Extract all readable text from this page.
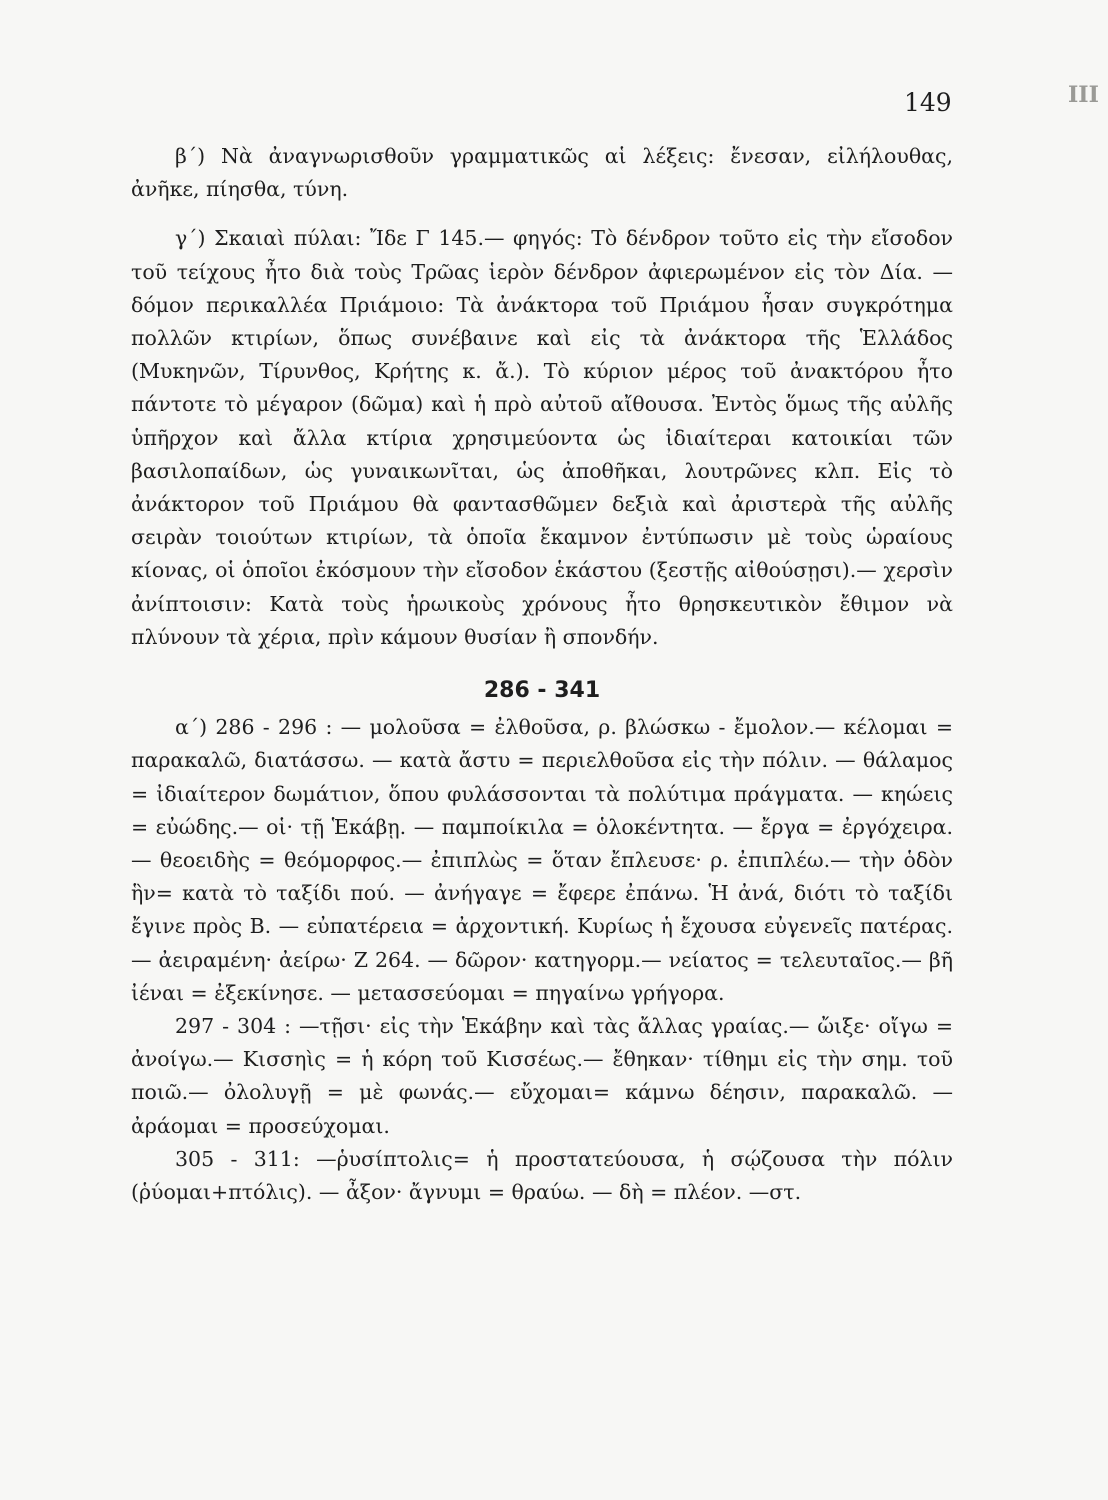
149	ΙΙΙ

β΄) Νὰ ἀναγνωρισθοῦν γραμματικῶς αἱ λέξεις: ἔνεσαν, εἰλήλουθας, ἀνῆκε, πίησθα, τύνη.

γ΄) Σκαιαὶ πύλαι: Ἴδε Γ 145.— φηγός: Τὸ δένδρον τοῦτο εἰς τὴν εἴσοδον τοῦ τείχους ἦτο διὰ τοὺς Τρῶας ἱερὸν δένδρον ἀφιερωμένον εἰς τὸν Δία. — δόμον περικαλλέα Πριάμοιο: Τὰ ἀνάκτορα τοῦ Πριάμου ἦσαν συγκρότημα πολλῶν κτιρίων, ὅπως συνέβαινε καὶ εἰς τὰ ἀνάκτορα τῆς Ἑλλάδος (Μυκηνῶν, Τίρυνθος, Κρήτης κ. ἄ.). Τὸ κύριον μέρος τοῦ ἀνακτόρου ἦτο πάντοτε τὸ μέγαρον (δῶμα) καὶ ἡ πρὸ αὐτοῦ αἴθουσα. Ἐντὸς ὅμως τῆς αὐλῆς ὑπῆρχον καὶ ἄλλα κτίρια χρησιμεύοντα ὡς ἰδιαίτεραι κατοικίαι τῶν βασιλοπαίδων, ὡς γυναικωνῖται, ὡς ἀποθῆκαι, λουτρῶνες κλπ. Εἰς τὸ ἀνάκτορον τοῦ Πριάμου θὰ φαντασθῶμεν δεξιὰ καὶ ἀριστερὰ τῆς αὐλῆς σειρὰν τοιούτων κτιρίων, τὰ ὁποῖα ἔκαμνον ἐντύπωσιν μὲ τοὺς ὡραίους κίονας, οἱ ὁποῖοι ἐκόσμουν τὴν εἴσοδον ἑκάστου (ξεστῇς αἰθούσῃσι).— χερσὶν ἀνίπτοισιν: Κατὰ τοὺς ἡρωικοὺς χρόνους ἦτο θρησκευτικὸν ἔθιμον νὰ πλύνουν τὰ χέρια, πρὶν κάμουν θυσίαν ἢ σπονδήν.

286 - 341

α΄) 286 - 296 : — μολοῦσα = ἐλθοῦσα, ρ. βλώσκω - ἔμολον.— κέλομαι = παρακαλῶ, διατάσσω. — κατὰ ἄστυ = περιελθοῦσα εἰς τὴν πόλιν. — θάλαμος = ἰδιαίτερον δωμάτιον, ὅπου φυλάσσονται τὰ πολύτιμα πράγματα. — κηώεις = εὐώδης.— οἱ· τῇ Ἑκάβῃ. — παμποίκιλα = ὁλοκέντητα. — ἔργα = ἐργόχειρα.— θεοειδὴς = θεόμορφος.— ἐπιπλὼς = ὅταν ἔπλευσε· ρ. ἐπιπλέω.— τὴν ὁδὸν ἣν= κατὰ τὸ ταξίδι πού. — ἀνήγαγε = ἔφερε ἐπάνω. Ἡ ἀνά, διότι τὸ ταξίδι ἔγινε πρὸς Β. — εὐπατέρεια = ἀρχοντική. Κυρίως ἡ ἔχουσα εὐγενεῖς πατέρας.— ἀειραμένη· ἀείρω· Ζ 264. — δῶρον· κατηγορμ.— νείατος = τελευταῖος.— βῆ ἰέναι = ἐξεκίνησε. — μετασσεύομαι = πηγαίνω γρήγορα.

297 - 304 : —τῇσι· εἰς τὴν Ἑκάβην καὶ τὰς ἄλλας γραίας.— ὤιξε· οἴγω = ἀνοίγω.— Κισσηὶς = ἡ κόρη τοῦ Κισσέως.— ἔθηκαν· τίθημι εἰς τὴν σημ. τοῦ ποιῶ.— ὀλολυγῇ = μὲ φωνάς.— εὔχομαι= κάμνω δέησιν, παρακαλῶ. — ἀράομαι = προσεύχομαι.

305 - 311: —ῥυσίπτολις= ἡ προστατεύουσα, ἡ σῴζουσα τὴν πόλιν (ῥύομαι+πτόλις). — ἆξον· ἄγνυμι = θραύω. — δὴ = πλέον. —στ.
